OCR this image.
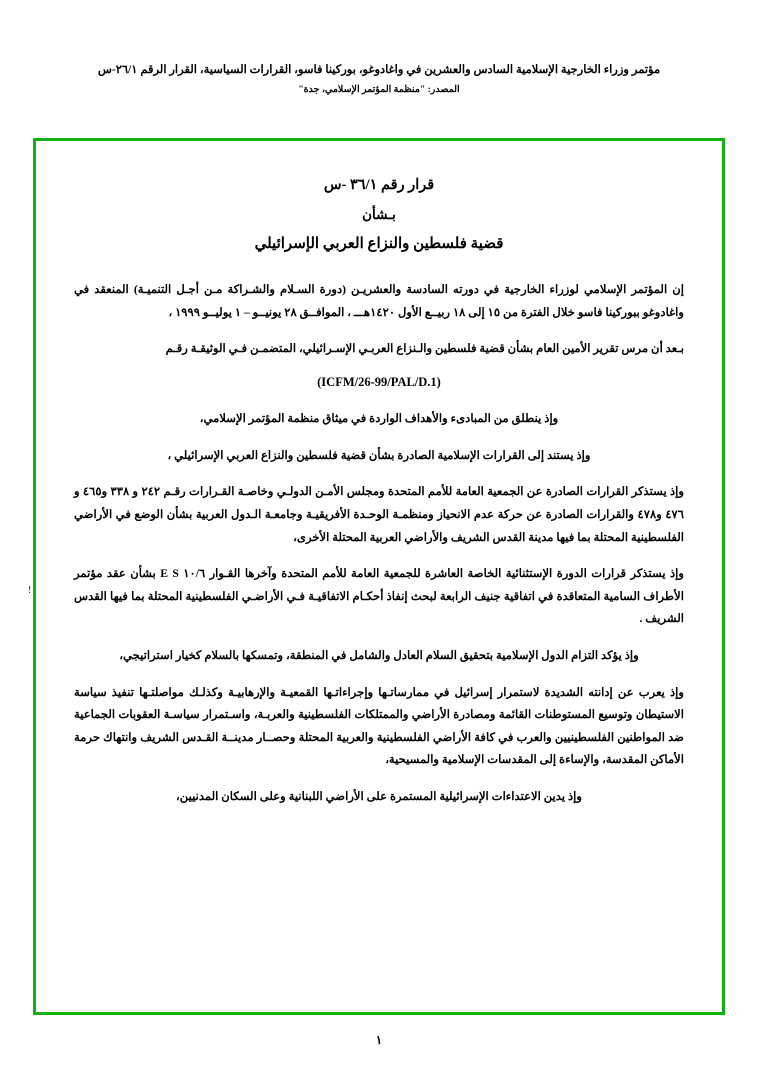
مؤتمر وزراء الخارجية الإسلامية السادس والعشرين في واغادوغو، بوركينا فاسو، القرارات السياسية، القرار الرقم ٢٦/١-س
المصدر: "منظمة المؤتمر الإسلامي، جدة"
قرار رقم ٣٦/١ -س
بـشأن
قضية فلسطين والنزاع العربي الإسرائيلي

إن المؤتمر الإسلامي لوزراء الخارجية في دورته السادسة والعشريـن (دورة السـلام والشـراكة مـن أجـل التنميـة) المنعقد في واغادوغو ببوركينا فاسو خلال الفترة من ١٥ إلى ١٨ ربيــع الأول ١٤٢٠هـــ ، الموافــق ٢٨ يونيــو – ١ يوليــو ١٩٩٩ ،

بـعد أن مرس تقرير الأمين العام بشأن قضية فلسطين والـنزاع العربـي الإسـرائيلي، المتضمـن فـي الوثيقـة رقـم
(ICFM/26-99/PAL/D.1)

وإذ ينطلق من المبادىء والأهداف الواردة في ميثاق منظمة المؤتمر الإسلامي،

وإذ يستند إلى القرارات الإسلامية الصادرة بشأن قضية فلسطين والنزاع العربي الإسرائيلي ،

وإذ يستذكر القرارات الصادرة عن الجمعية العامة للأمم المتحدة ومجلس الأمـن الدولـي وخاصـة القـرارات رقـم ٢٤٢ و ٣٣٨ و٤٦٥ و ٤٧٦ و٤٧٨ والقرارات الصادرة عن حركة عدم الانحياز ومنظمـة الوحـدة الأفريقيـة وجامعـة الـدول العربية بشأن الوضع في الأراضي الفلسطينية المحتلة بما فيها مدينة القدس الشريف والأراضي العربية المحتلة الأخرى،

وإذ يستذكر قرارات الدورة الإستثنائية الخاصة العاشرة للجمعية العامة للأمم المتحدة وآخرها القـوار ١٠/٦ ‎E‎ ‎S‎ بشأن عقد مؤتمر الأطراف السامية المتعاقدة في اتفاقية جنيف الرابعة لبحث إنفاذ أحكـام الاتفاقيـة فـي الأراضـي الفلسطينية المحتلة بما فيها القدس الشريف .

وإذ يؤكد التزام الدول الإسلامية بتحقيق السلام العادل والشامل في المنطقة، وتمسكها بالسلام كخيار استراتيجي،

وإذ يعرب عن إدانته الشديدة لاستمرار إسرائيل في ممارساتـها وإجراءاتـها القمعيـة والإرهابيـة وكذلـك مواصلتـها تنفيذ سياسة الاستيطان وتوسيع المستوطنات القائمة ومصادرة الأراضي والممتلكات الفلسطينية والعربـة، واسـتمرار سياسـة العقوبات الجماعية ضد المواطنين الفلسطينيين والعرب في كافة الأراضي الفلسطينية والعربية المحتلة وحصــار مدينــة القـدس الشريف وانتهاك حرمة الأماكن المقدسة، والإساءة إلى المقدسات الإسلامية والمسيحية،

وإذ يدين الاعتداءات الإسرائيلية المستمرة على الأراضي اللبنانية وعلى السكان المدنيين،

!
١
